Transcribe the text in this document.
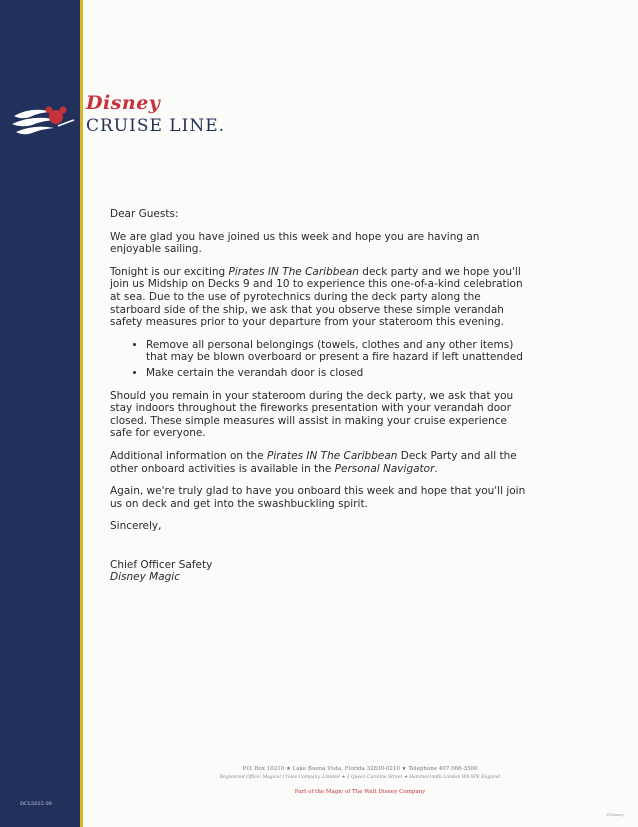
Disney
CRUISE LINE.

Dear Guests:

We are glad you have joined us this week and hope you are having an enjoyable sailing.

Tonight is our exciting Pirates IN The Caribbean deck party and we hope you'll join us Midship on Decks 9 and 10 to experience this one-of-a-kind celebration at sea. Due to the use of pyrotechnics during the deck party along the starboard side of the ship, we ask that you observe these simple verandah safety measures prior to your departure from your stateroom this evening.

• Remove all personal belongings (towels, clothes and any other items) that may be blown overboard or present a fire hazard if left unattended
• Make certain the verandah door is closed

Should you remain in your stateroom during the deck party, we ask that you stay indoors throughout the fireworks presentation with your verandah door closed. These simple measures will assist in making your cruise experience safe for everyone.

Additional information on the Pirates IN The Caribbean Deck Party and all the other onboard activities is available in the Personal Navigator.

Again, we're truly glad to have you onboard this week and hope that you'll join us on deck and get into the swashbuckling spirit.

Sincerely,

Chief Officer Safety
Disney Magic
P.O. Box 10210 ★ Lake Buena Vista, Florida 32830-0210 ★ Telephone 407-566-3500
Registered Office: Magical Cruise Company, Limited ★ 3 Queen Caroline Street ★ Hammersmith London W6 9PE England
Part of the Magic of The Walt Disney Company
DCL5025 09
©Disney
